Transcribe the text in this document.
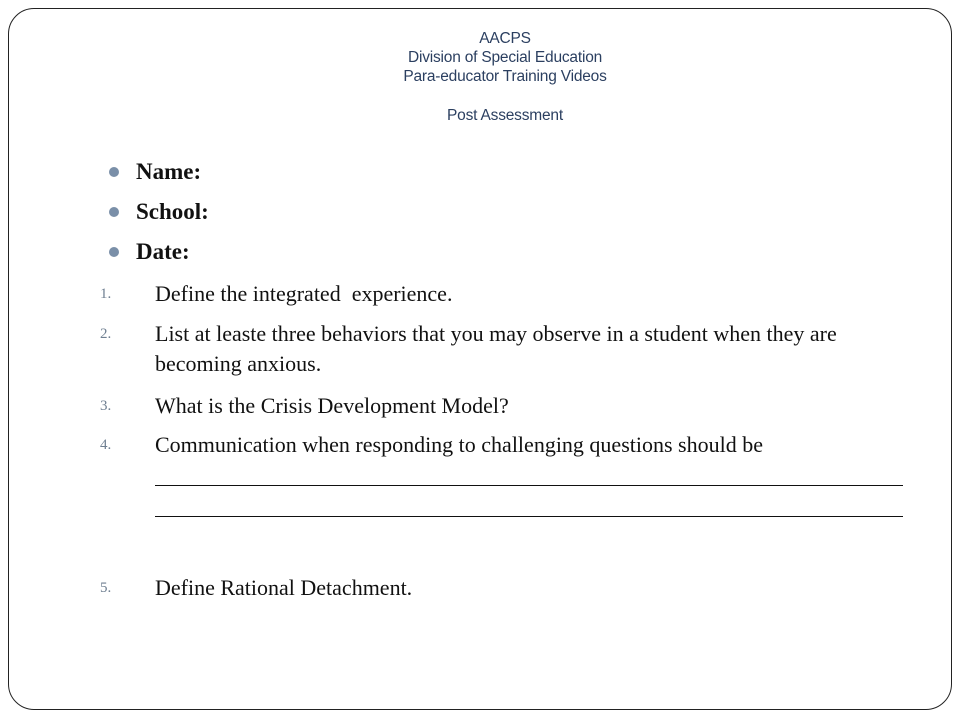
AACPS
Division of Special Education
Para-educator Training Videos
Post Assessment
Name:
School:
Date:
1.	Define the integrated  experience.
2.	List at leaste three behaviors that you may observe in a student when they are
becoming anxious.
3.	What is the Crisis Development Model?
4.	Communication when responding to challenging questions should be
5.	Define Rational Detachment.
